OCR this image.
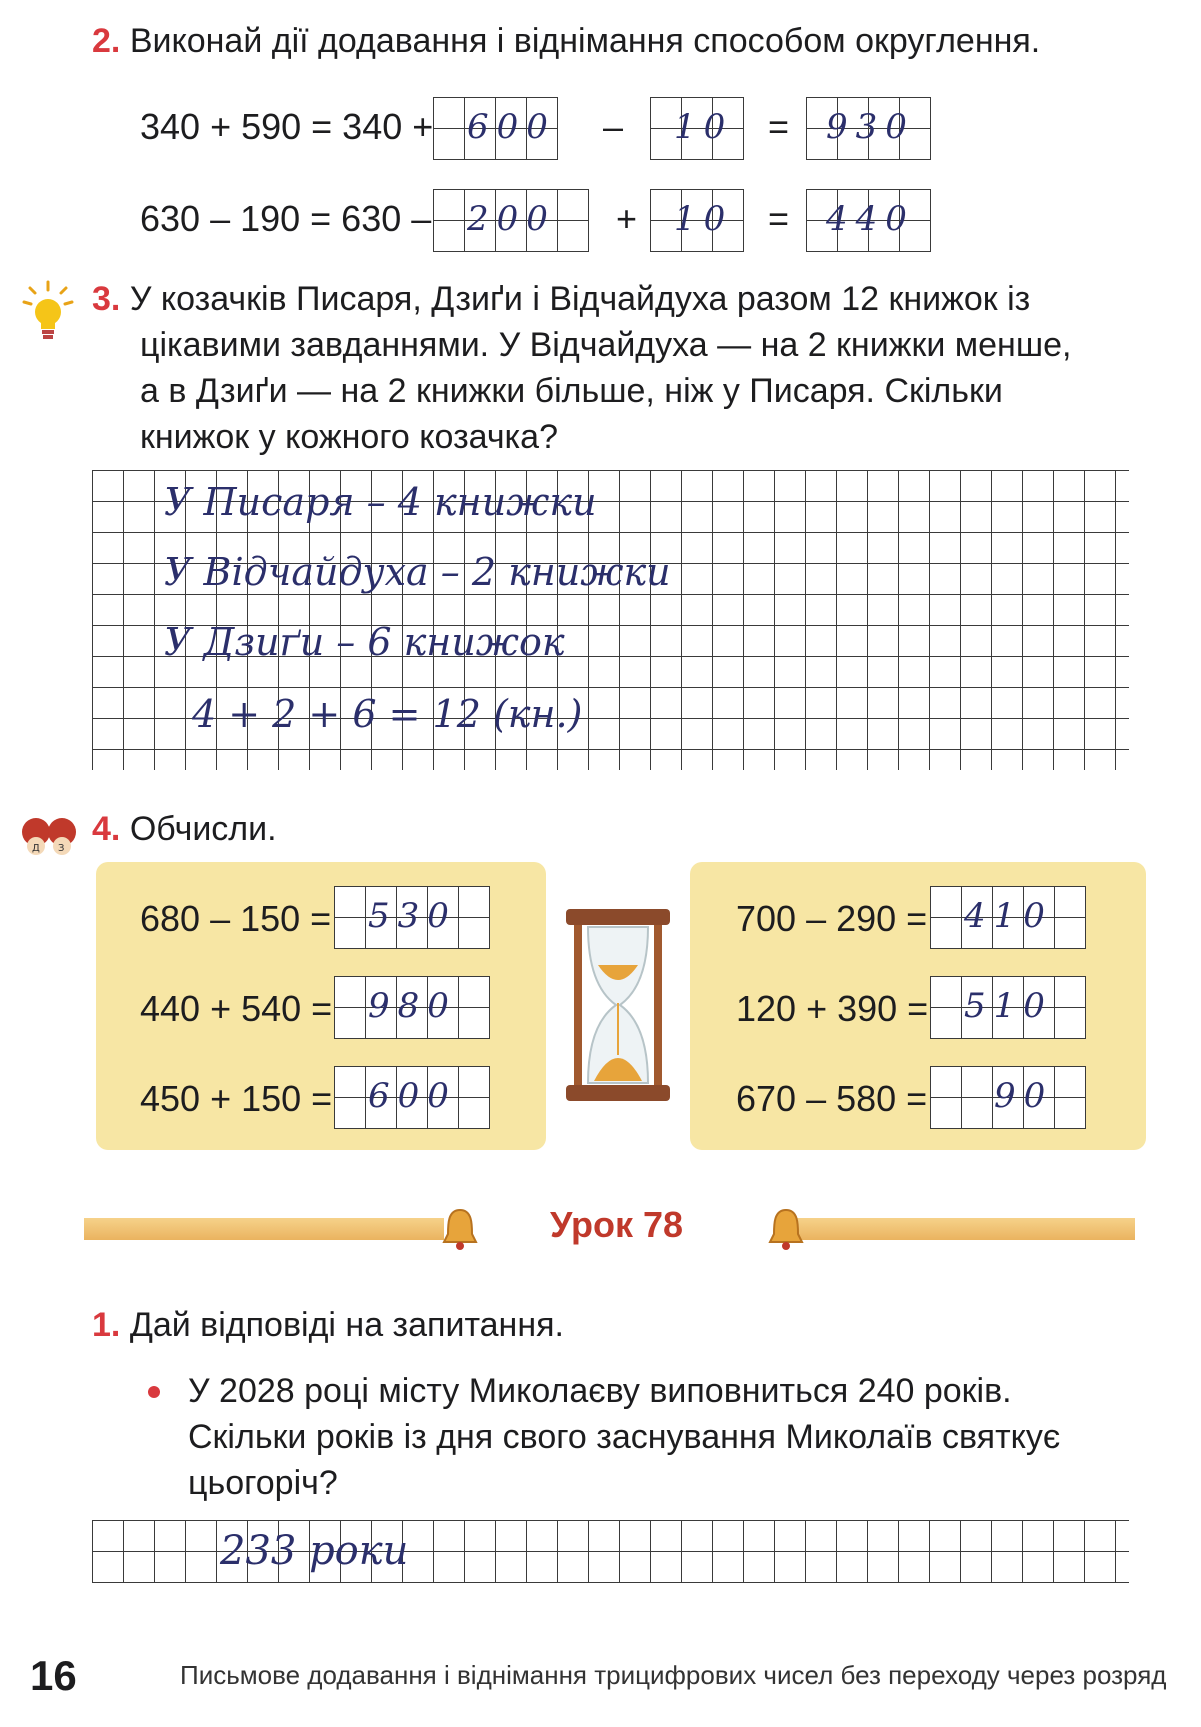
2. Виконай дії додавання і віднімання способом округлення.
340 + 590 = 340 + 600 – 10 = 930
630 – 190 = 630 – 200	+ 10 = 440
3. У козачків Писаря, Дзиґи і Відчайдуха разом 12 книжок із
цікавими завданнями. У Відчайдуха — на 2 книжки менше,
а в Дзиґи — на 2 книжки більше, ніж у Писаря. Скільки
книжок у кожного козачка?
У Писаря – 4 книжки
У Відчайдуха – 2 книжки
У Дзиґи – 6 книжок
4 + 2 + 6 = 12 (кн.)
Д З
4. Обчисли.
680 – 150 = 530
440 + 540 = 980
450 + 150 = 600
700 – 290 = 410
120 + 390 = 510
670 – 580 = 90
Урок 78
1. Дай відповіді на запитання.
У 2028 році місту Миколаєву виповниться 240 років.
Скільки років із дня свого заснування Миколаїв святкує
цьогоріч?
233 роки
16	Письмове додавання і віднімання трицифрових чисел без переходу через розряд
